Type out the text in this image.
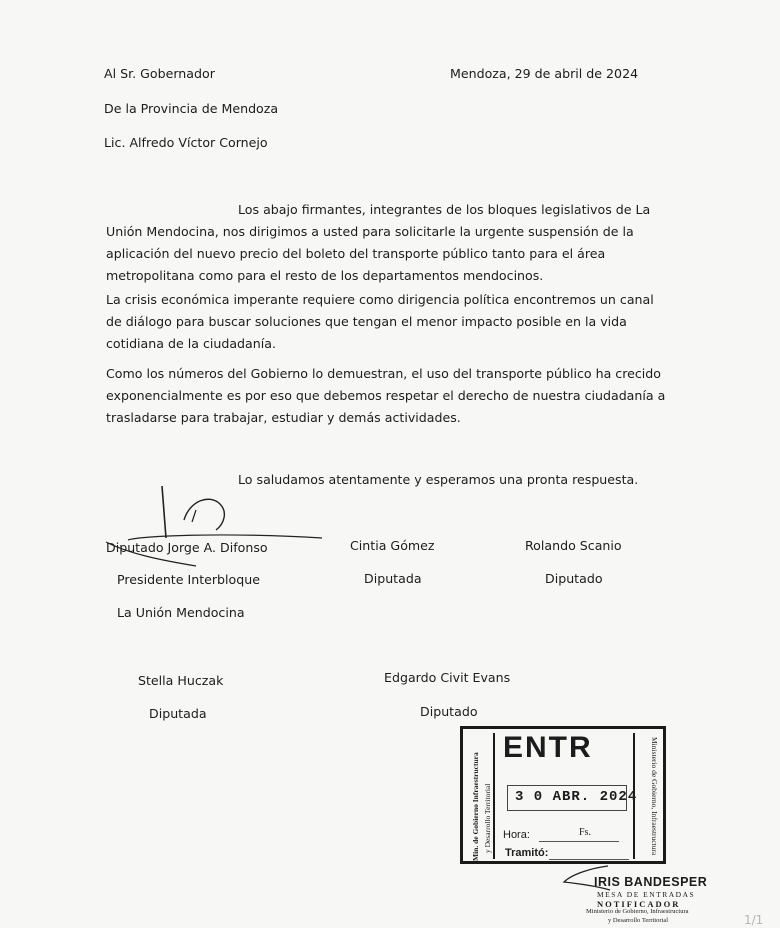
Al Sr. Gobernador
De la Provincia de Mendoza
Lic. Alfredo Víctor Cornejo
Mendoza, 29 de abril de 2024
Los abajo firmantes, integrantes de los bloques legislativos de La Unión Mendocina, nos dirigimos a usted para solicitarle la urgente suspensión de la aplicación del nuevo precio del boleto del transporte público tanto para el área metropolitana como para el resto de los departamentos mendocinos.
La crisis económica imperante requiere como dirigencia política encontremos un canal de diálogo para buscar soluciones que tengan el menor impacto posible en la vida cotidiana de la ciudadanía.
Como los números del Gobierno lo demuestran, el uso del transporte público ha crecido exponencialmente es por eso que debemos respetar el derecho de nuestra ciudadanía a trasladarse para trabajar, estudiar y demás actividades.
Lo saludamos atentamente y esperamos una pronta respuesta.
Diputado Jorge A. Difonso
Presidente Interbloque
La Unión Mendocina
Cintia Gómez
Diputada
Rolando Scanio
Diputado
Stella Huczak
Diputada
Edgardo Civit Evans
Diputado
Min. de Gobierno Infraestructura y Desarrollo Territorial	Ministerio de Gobierno, Infraestructura
ENTR
3 0 ABR. 2024
Hora:	Fs.
Tramitó:
IRIS BANDESPER
MESA DE ENTRADAS
NOTIFICADOR
Ministerio de Gobierno, Infraestructura
y Desarrollo Territorial	1/1
